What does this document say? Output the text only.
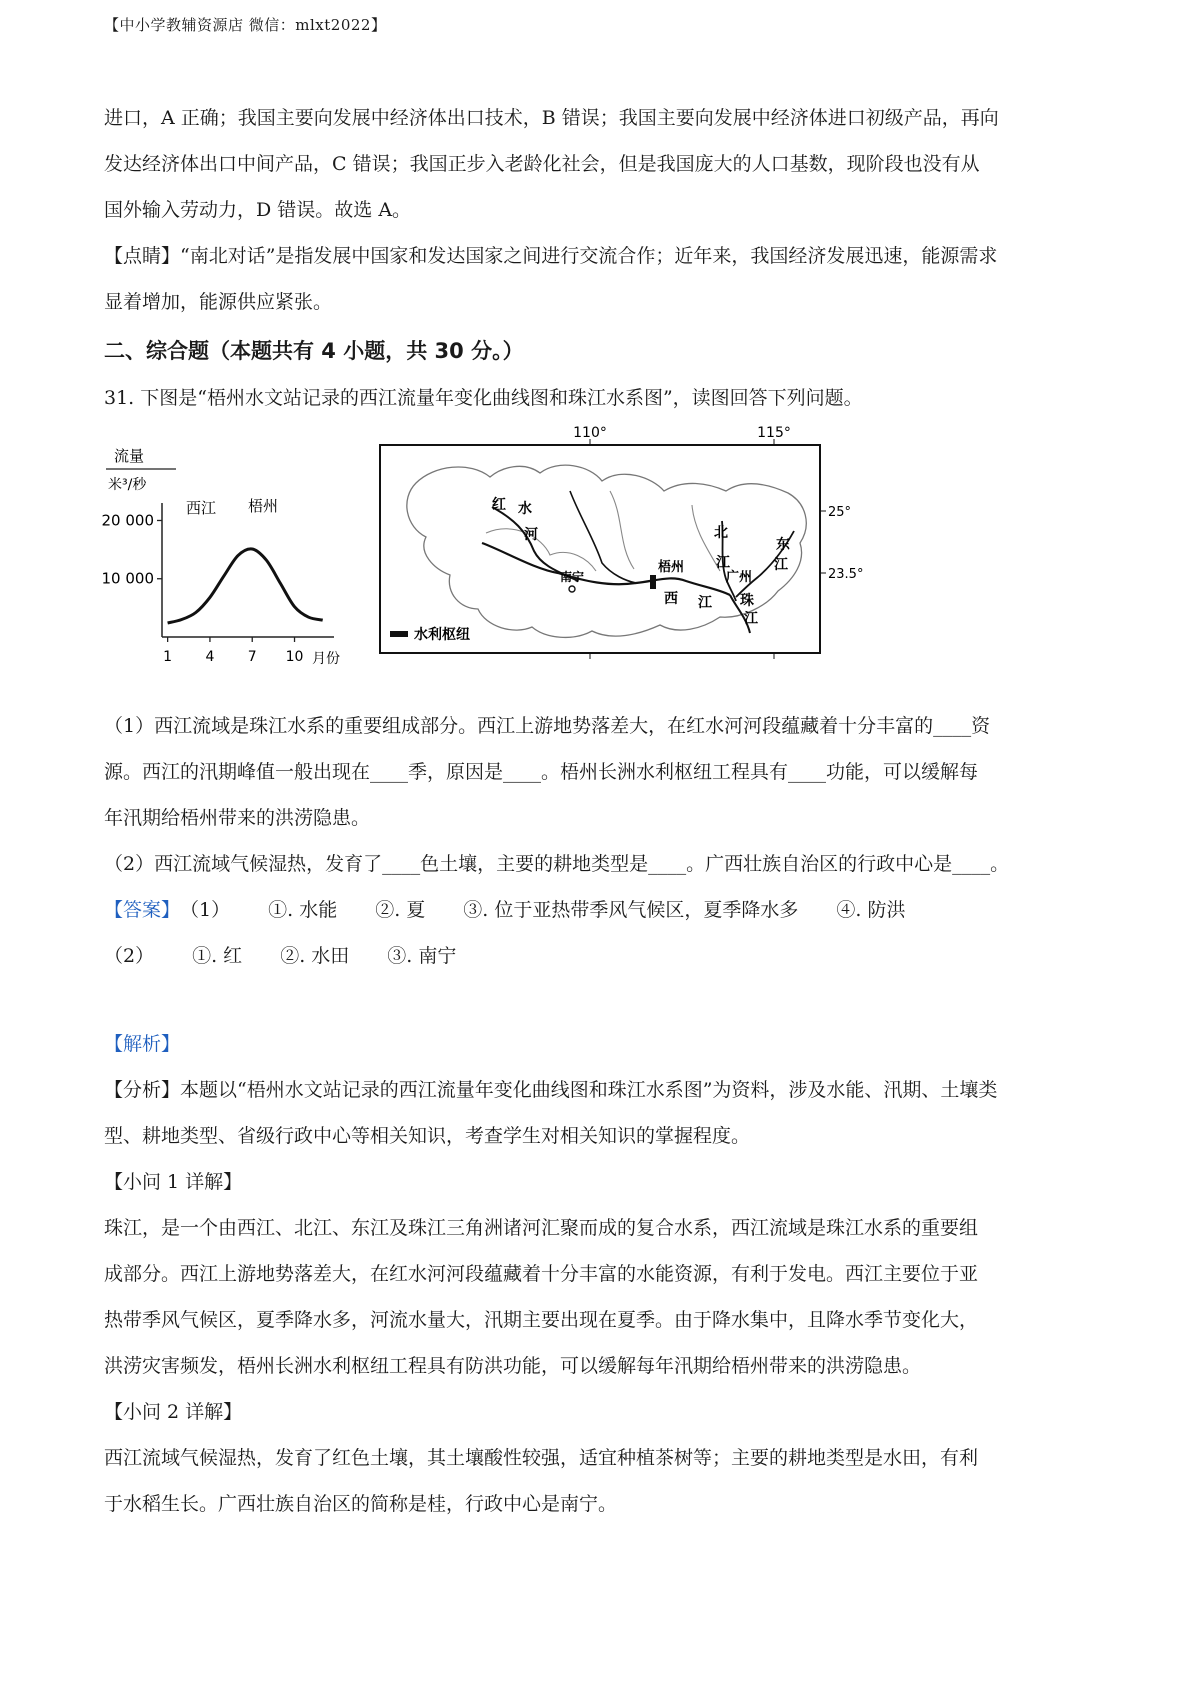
【中小学教辅资源店 微信：mlxt2022】

进口，A 正确；我国主要向发展中经济体出口技术，B 错误；我国主要向发展中经济体进口初级产品，再向

发达经济体出口中间产品，C 错误；我国正步入老龄化社会，但是我国庞大的人口基数，现阶段也没有从

国外输入劳动力，D 错误。故选 A。

【点睛】“南北对话”是指发展中国家和发达国家之间进行交流合作；近年来，我国经济发展迅速，能源需求

显着增加，能源供应紧张。

二、综合题（本题共有 4 小题，共 30 分。）

31. 下图是“梧州水文站记录的西江流量年变化曲线图和珠江水系图”，读图回答下列问题。

流量
米³/秒
西江 梧州
20 000
10 000
1 4 7 10 月份
110°	115°
25°
23.5°
红 水
河
梧州
北
东
江
广州
江
南宁
西 江 珠
江
水利枢纽

（1）西江流域是珠江水系的重要组成部分。西江上游地势落差大，在红水河河段蕴藏着十分丰富的____资

源。西江的汛期峰值一般出现在____季，原因是____。梧州长洲水利枢纽工程具有____功能，可以缓解每

年汛期给梧州带来的洪涝隐患。

（2）西江流域气候湿热，发育了____色土壤，主要的耕地类型是____。广西壮族自治区的行政中心是____。

【答案】 （1） ①. 水能 ②. 夏 ③. 位于亚热带季风气候区，夏季降水多 ④. 防洪
（2） ①. 红 ②. 水田 ③. 南宁

【解析】

【分析】本题以“梧州水文站记录的西江流量年变化曲线图和珠江水系图”为资料，涉及水能、汛期、土壤类

型、耕地类型、省级行政中心等相关知识，考查学生对相关知识的掌握程度。

【小问 1 详解】

珠江，是一个由西江、北江、东江及珠江三角洲诸河汇聚而成的复合水系，西江流域是珠江水系的重要组

成部分。西江上游地势落差大，在红水河河段蕴藏着十分丰富的水能资源，有利于发电。西江主要位于亚

热带季风气候区，夏季降水多，河流水量大，汛期主要出现在夏季。由于降水集中，且降水季节变化大，

洪涝灾害频发，梧州长洲水利枢纽工程具有防洪功能，可以缓解每年汛期给梧州带来的洪涝隐患。

【小问 2 详解】

西江流域气候湿热，发育了红色土壤，其土壤酸性较强，适宜种植茶树等；主要的耕地类型是水田，有利

于水稻生长。广西壮族自治区的简称是桂，行政中心是南宁。
